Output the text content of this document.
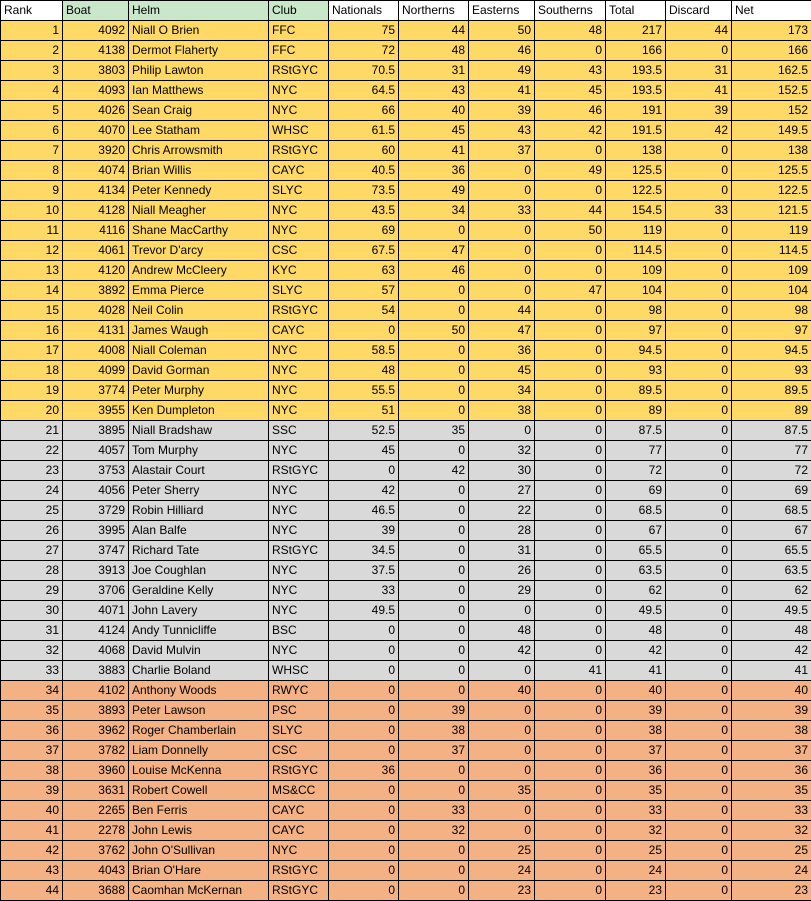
Rank	Boat	Helm	Club	Nationals	Northerns	Easterns	Southerns	Total	Discard	Net
1	4092	Niall O Brien	FFC	75	44	50	48	217	44	173
2	4138	Dermot Flaherty	FFC	72	48	46	0	166	0	166
3	3803	Philip Lawton	RStGYC	70.5	31	49	43	193.5	31	162.5
4	4093	Ian Matthews	NYC	64.5	43	41	45	193.5	41	152.5
5	4026	Sean Craig	NYC	66	40	39	46	191	39	152
6	4070	Lee Statham	WHSC	61.5	45	43	42	191.5	42	149.5
7	3920	Chris Arrowsmith	RStGYC	60	41	37	0	138	0	138
8	4074	Brian Willis	CAYC	40.5	36	0	49	125.5	0	125.5
9	4134	Peter Kennedy	SLYC	73.5	49	0	0	122.5	0	122.5
10	4128	Niall Meagher	NYC	43.5	34	33	44	154.5	33	121.5
11	4116	Shane MacCarthy	NYC	69	0	0	50	119	0	119
12	4061	Trevor D'arcy	CSC	67.5	47	0	0	114.5	0	114.5
13	4120	Andrew McCleery	KYC	63	46	0	0	109	0	109
14	3892	Emma Pierce	SLYC	57	0	0	47	104	0	104
15	4028	Neil Colin	RStGYC	54	0	44	0	98	0	98
16	4131	James Waugh	CAYC	0	50	47	0	97	0	97
17	4008	Niall Coleman	NYC	58.5	0	36	0	94.5	0	94.5
18	4099	David Gorman	NYC	48	0	45	0	93	0	93
19	3774	Peter Murphy	NYC	55.5	0	34	0	89.5	0	89.5
20	3955	Ken Dumpleton	NYC	51	0	38	0	89	0	89
21	3895	Niall Bradshaw	SSC	52.5	35	0	0	87.5	0	87.5
22	4057	Tom Murphy	NYC	45	0	32	0	77	0	77
23	3753	Alastair Court	RStGYC	0	42	30	0	72	0	72
24	4056	Peter Sherry	NYC	42	0	27	0	69	0	69
25	3729	Robin Hilliard	NYC	46.5	0	22	0	68.5	0	68.5
26	3995	Alan Balfe	NYC	39	0	28	0	67	0	67
27	3747	Richard Tate	RStGYC	34.5	0	31	0	65.5	0	65.5
28	3913	Joe Coughlan	NYC	37.5	0	26	0	63.5	0	63.5
29	3706	Geraldine Kelly	NYC	33	0	29	0	62	0	62
30	4071	John Lavery	NYC	49.5	0	0	0	49.5	0	49.5
31	4124	Andy Tunnicliffe	BSC	0	0	48	0	48	0	48
32	4068	David Mulvin	NYC	0	0	42	0	42	0	42
33	3883	Charlie Boland	WHSC	0	0	0	41	41	0	41
34	4102	Anthony Woods	RWYC	0	0	40	0	40	0	40
35	3893	Peter Lawson	PSC	0	39	0	0	39	0	39
36	3962	Roger Chamberlain	SLYC	0	38	0	0	38	0	38
37	3782	Liam Donnelly	CSC	0	37	0	0	37	0	37
38	3960	Louise McKenna	RStGYC	36	0	0	0	36	0	36
39	3631	Robert Cowell	MS&CC	0	0	35	0	35	0	35
40	2265	Ben Ferris	CAYC	0	33	0	0	33	0	33
41	2278	John Lewis	CAYC	0	32	0	0	32	0	32
42	3762	John O'Sullivan	NYC	0	0	25	0	25	0	25
43	4043	Brian O'Hare	RStGYC	0	0	24	0	24	0	24
44	3688	Caomhan McKernan	RStGYC	0	0	23	0	23	0	23
